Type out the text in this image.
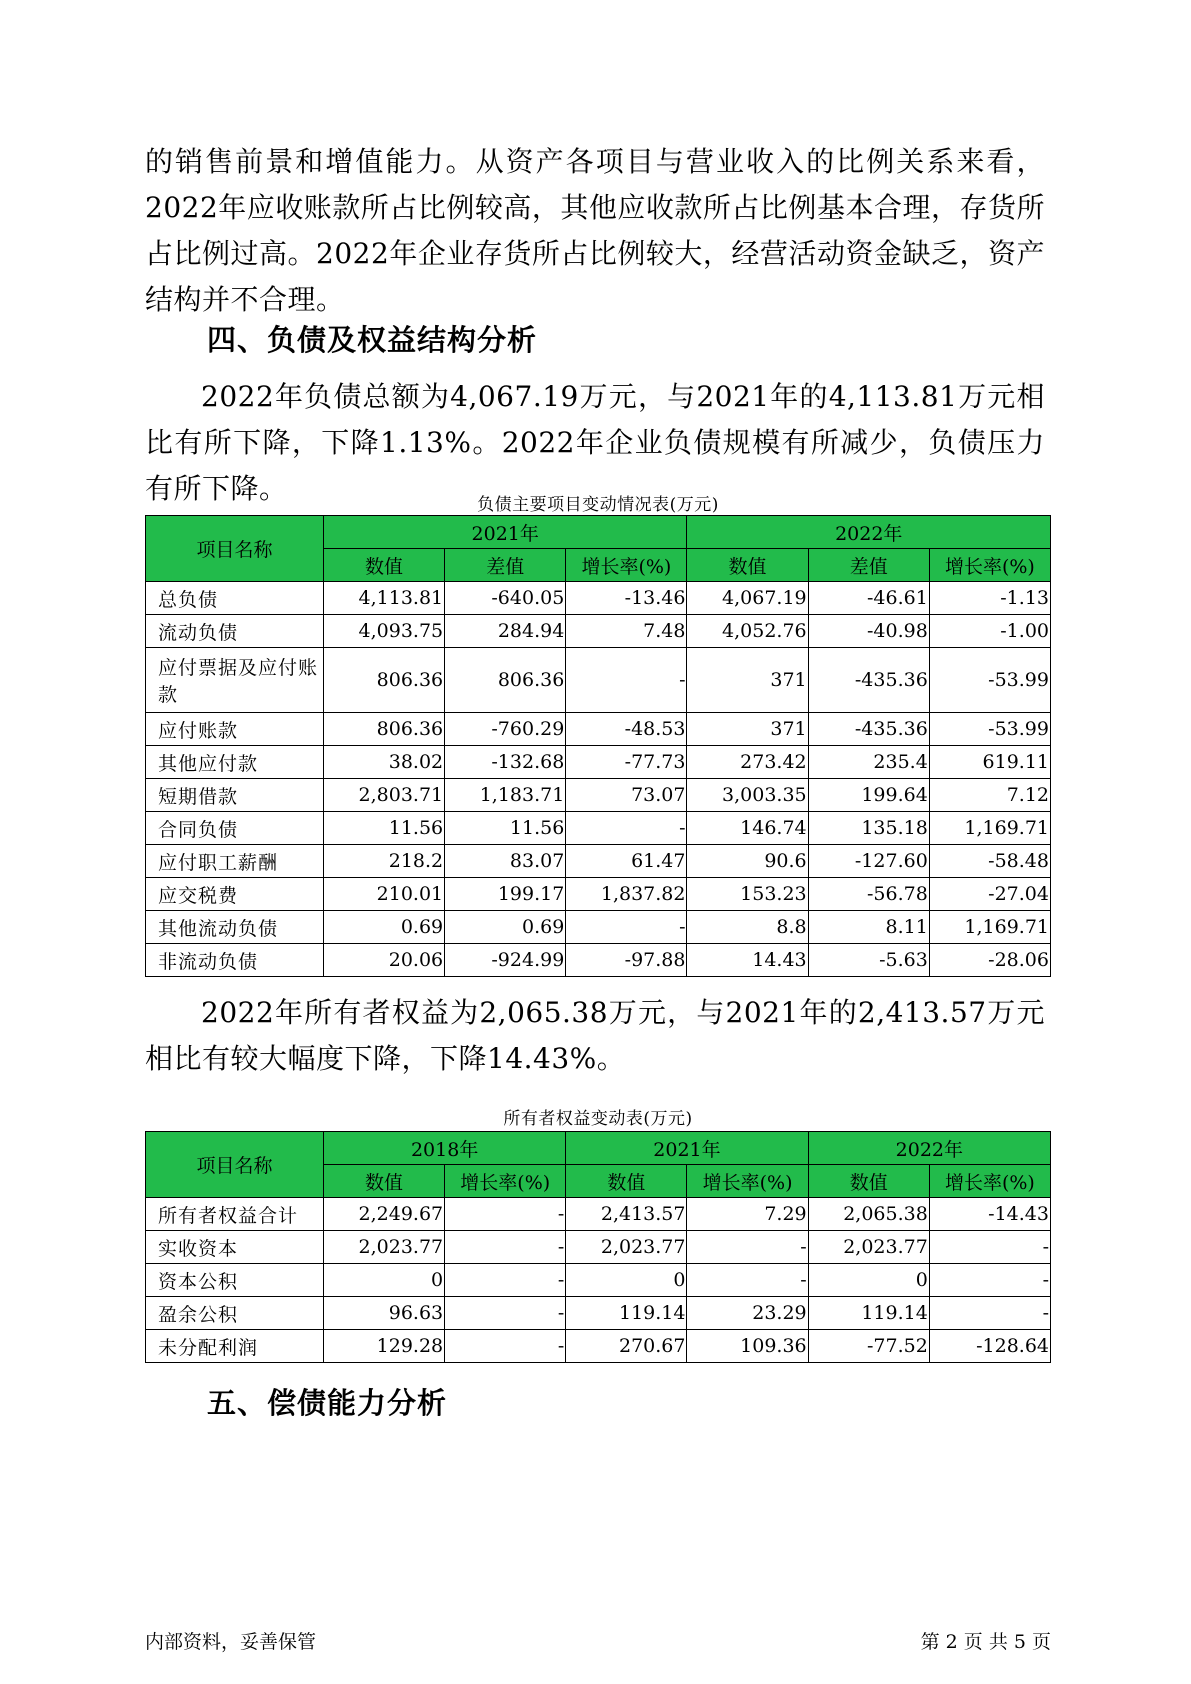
的销售前景和增值能力。从资产各项目与营业收入的比例关系来看，2022年应收账款所占比例较高，其他应收款所占比例基本合理，存货所占比例过高。2022年企业存货所占比例较大，经营活动资金缺乏，资产结构并不合理。

四、负债及权益结构分析

2022年负债总额为4,067.19万元，与2021年的4,113.81万元相比有所下降，下降1.13%。2022年企业负债规模有所减少，负债压力有所下降。	负债主要项目变动情况表(万元)
项目名称	2021年			2022年		
	数值	差值	增长率(%)	数值	差值	增长率(%)
总负债	4,113.81	-640.05	-13.46	4,067.19	-46.61	-1.13
流动负债	4,093.75	284.94	7.48	4,052.76	-40.98	-1.00
应付票据及应付账款	806.36	806.36	-	371	-435.36	-53.99
应付账款	806.36	-760.29	-48.53	371	-435.36	-53.99
其他应付款	38.02	-132.68	-77.73	273.42	235.4	619.11
短期借款	2,803.71	1,183.71	73.07	3,003.35	199.64	7.12
合同负债	11.56	11.56	-	146.74	135.18	1,169.71
应付职工薪酬	218.2	83.07	61.47	90.6	-127.60	-58.48
应交税费	210.01	199.17	1,837.82	153.23	-56.78	-27.04
其他流动负债	0.69	0.69	-	8.8	8.11	1,169.71
非流动负债	20.06	-924.99	-97.88	14.43	-5.63	-28.06

2022年所有者权益为2,065.38万元，与2021年的2,413.57万元相比有较大幅度下降，下降14.43%。

所有者权益变动表(万元)
项目名称	2018年		2021年		2022年	
	数值	增长率(%)	数值	增长率(%)	数值	增长率(%)
所有者权益合计	2,249.67	-	2,413.57	7.29	2,065.38	-14.43
实收资本	2,023.77	-	2,023.77	-	2,023.77	-
资本公积	0	-	0	-	0	-
盈余公积	96.63	-	119.14	23.29	119.14	-
未分配利润	129.28	-	270.67	109.36	-77.52	-128.64
五、偿债能力分析
内部资料，妥善保管	第 2 页 共 5 页
